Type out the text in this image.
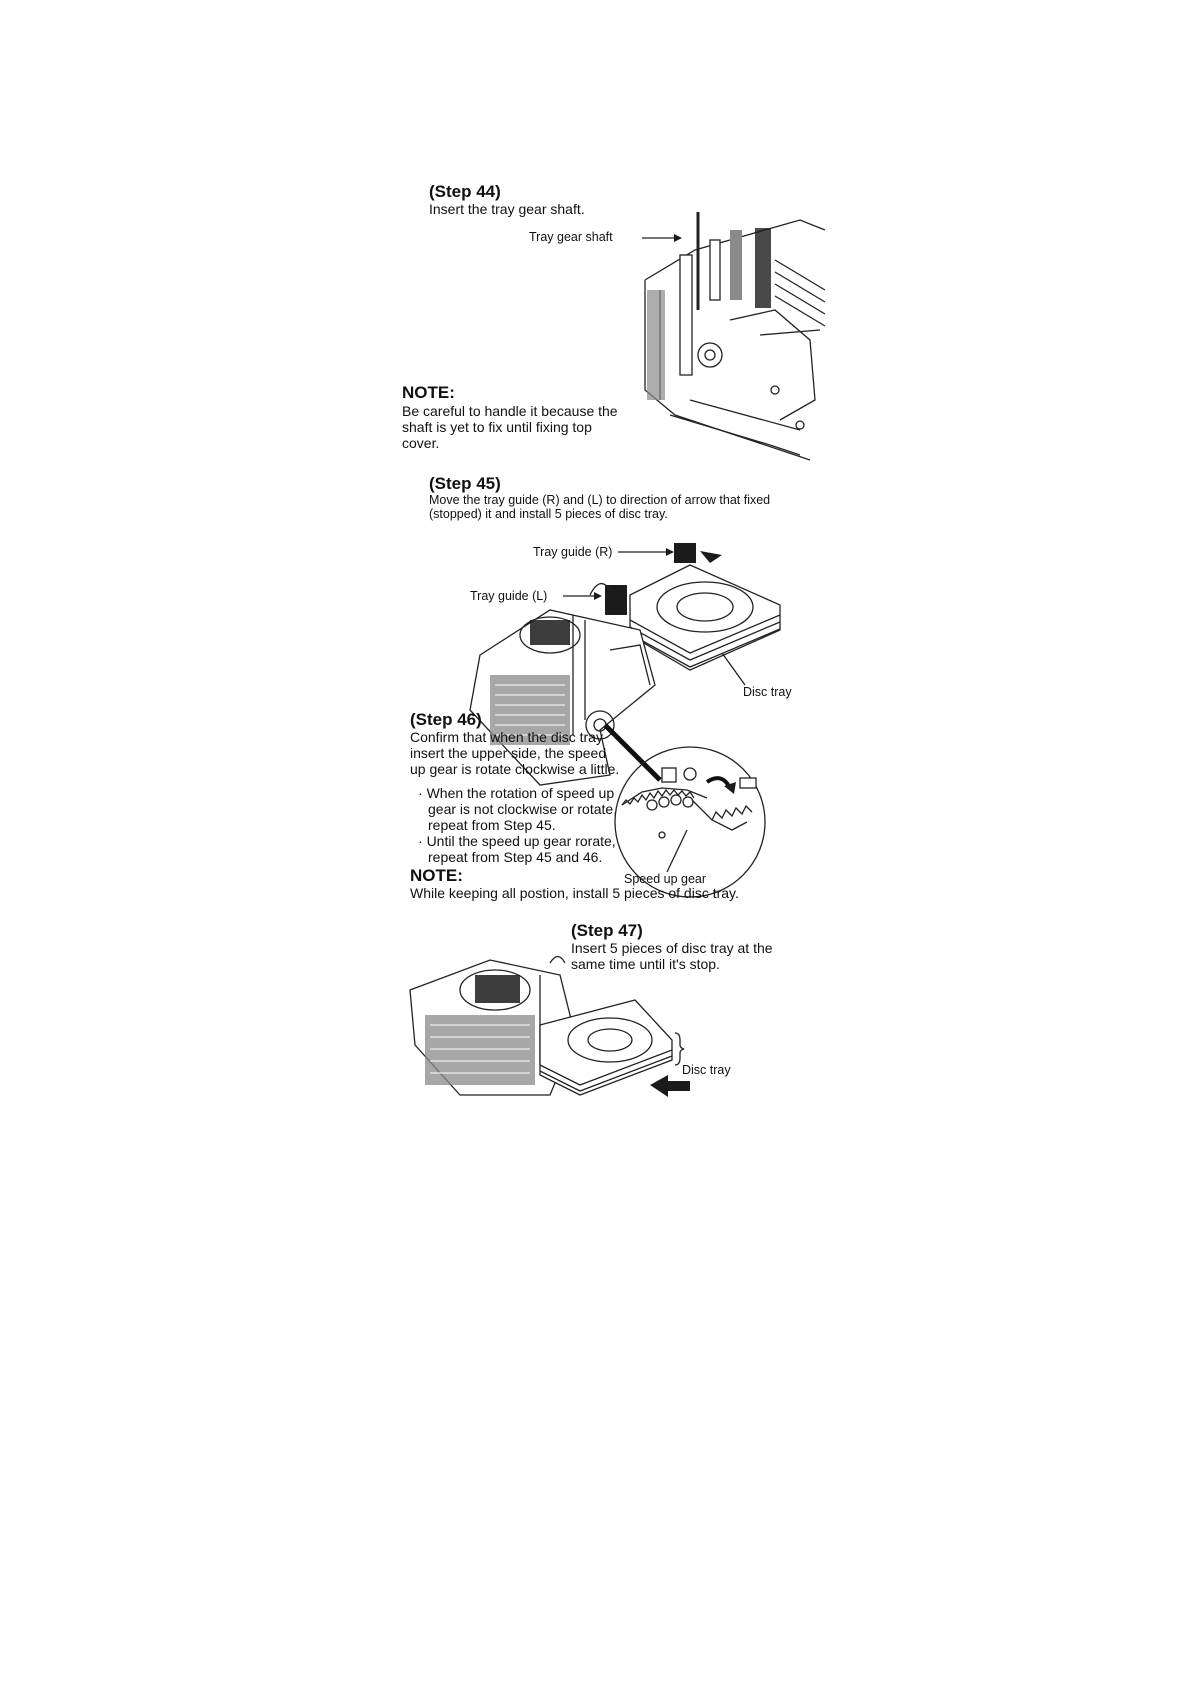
(Step 44)
Insert the tray gear shaft.
Tray gear shaft
NOTE:
Be careful to handle it because the shaft is yet to fix until fixing top cover.
(Step 45)
Move the tray guide (R) and (L) to direction of arrow that fixed (stopped) it and install 5 pieces of disc tray.
Tray guide (R)
Tray guide (L)
Disc tray
(Step 46)
Confirm that when the disc tray insert the upper side, the speed up gear is rotate clockwise a little.
· When the rotation of speed up gear is not clockwise or rotate, repeat from Step 45.
· Until the speed up gear rorate, repeat from Step 45 and 46.
Speed up gear
NOTE:
While keeping all postion, install 5 pieces of disc tray.
(Step 47)
Insert 5 pieces of disc tray at the same time until it's stop.
Disc tray
